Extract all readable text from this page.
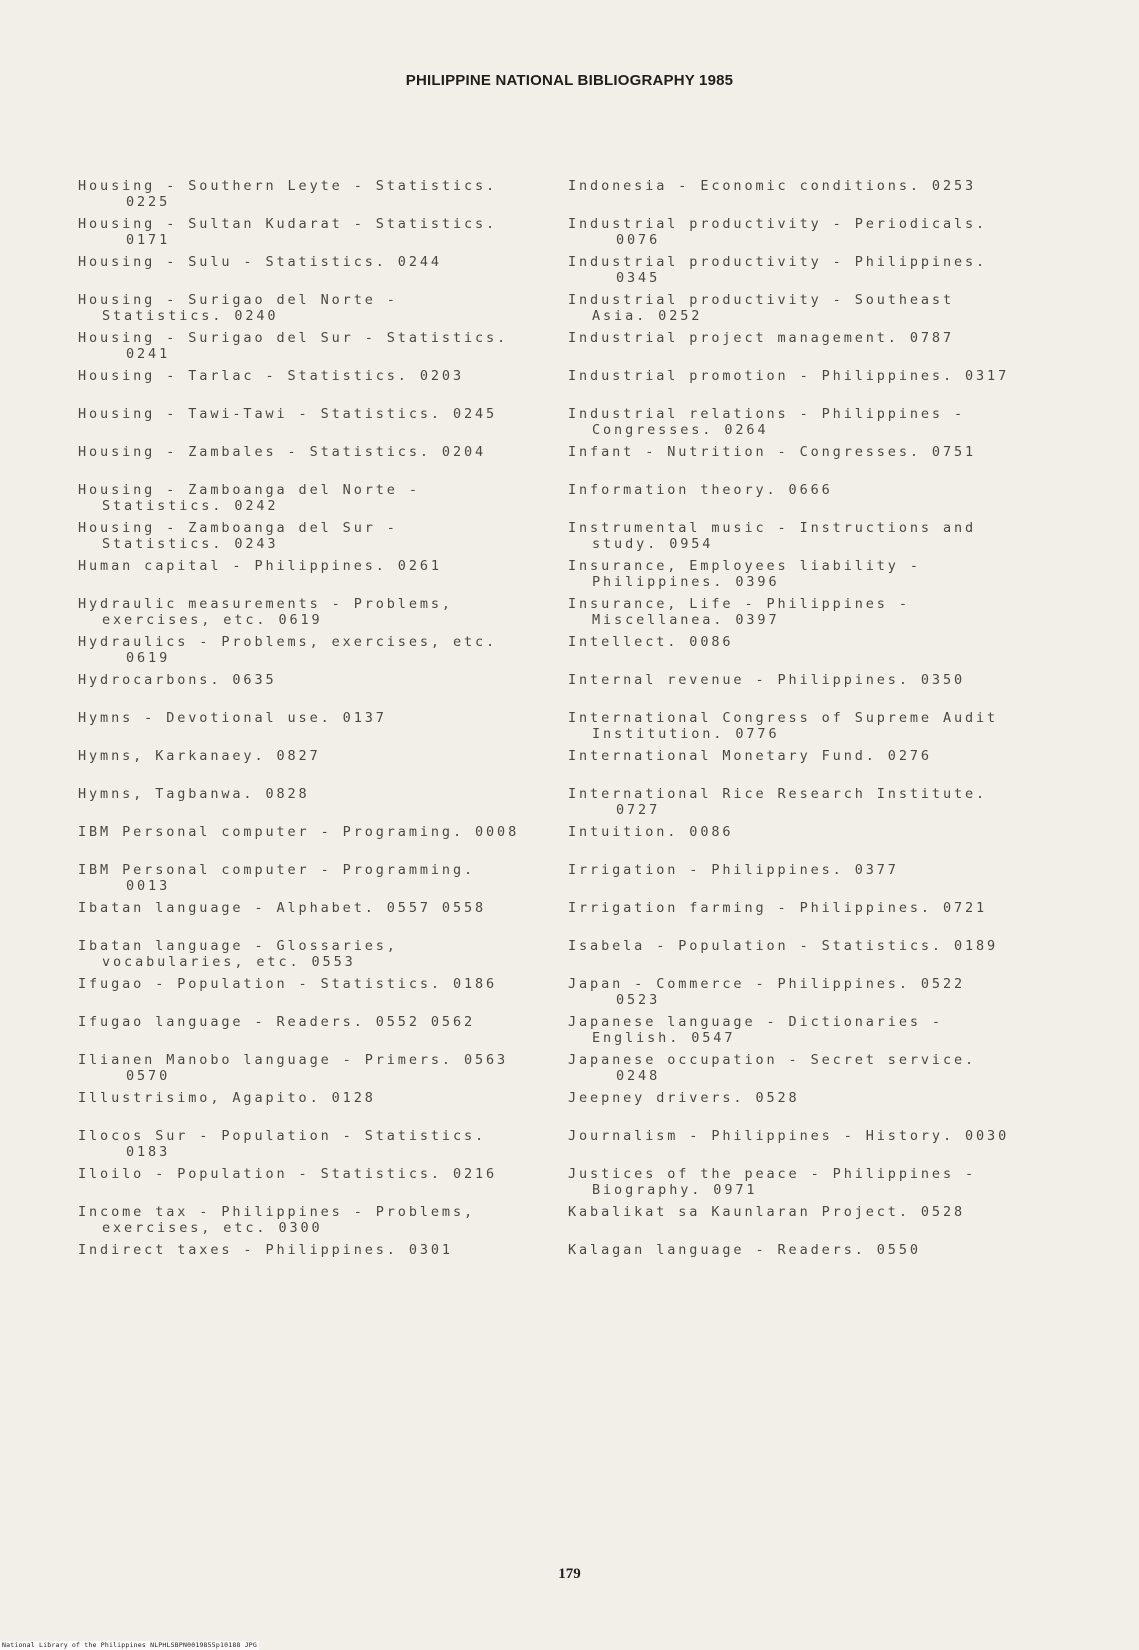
PHILIPPINE NATIONAL BIBLIOGRAPHY 1985
Housing - Southern Leyte - Statistics.
0225
Housing - Sultan Kudarat - Statistics.
0171
Housing - Sulu - Statistics. 0244
Housing - Surigao del Norte -
Statistics. 0240
Housing - Surigao del Sur - Statistics.
0241
Housing - Tarlac - Statistics. 0203
Housing - Tawi-Tawi - Statistics. 0245
Housing - Zambales - Statistics. 0204
Housing - Zamboanga del Norte -
Statistics. 0242
Housing - Zamboanga del Sur -
Statistics. 0243
Human capital - Philippines. 0261
Hydraulic measurements - Problems,
exercises, etc. 0619
Hydraulics - Problems, exercises, etc.
0619
Hydrocarbons. 0635
Hymns - Devotional use. 0137
Hymns, Karkanaey. 0827
Hymns, Tagbanwa. 0828
IBM Personal computer - Programing. 0008
IBM Personal computer - Programming.
0013
Ibatan language - Alphabet. 0557 0558
Ibatan language - Glossaries,
vocabularies, etc. 0553
Ifugao - Population - Statistics. 0186
Ifugao language - Readers. 0552 0562
Ilianen Manobo language - Primers. 0563
0570
Illustrisimo, Agapito. 0128
Ilocos Sur - Population - Statistics.
0183
Iloilo - Population - Statistics. 0216
Income tax - Philippines - Problems,
exercises, etc. 0300
Indirect taxes - Philippines. 0301
Indonesia - Economic conditions. 0253
Industrial productivity - Periodicals.
0076
Industrial productivity - Philippines.
0345
Industrial productivity - Southeast
Asia. 0252
Industrial project management. 0787
Industrial promotion - Philippines. 0317
Industrial relations - Philippines -
Congresses. 0264
Infant - Nutrition - Congresses. 0751
Information theory. 0666
Instrumental music - Instructions and
study. 0954
Insurance, Employees liability -
Philippines. 0396
Insurance, Life - Philippines -
Miscellanea. 0397
Intellect. 0086
Internal revenue - Philippines. 0350
International Congress of Supreme Audit
Institution. 0776
International Monetary Fund. 0276
International Rice Research Institute.
0727
Intuition. 0086
Irrigation - Philippines. 0377
Irrigation farming - Philippines. 0721
Isabela - Population - Statistics. 0189
Japan - Commerce - Philippines. 0522
0523
Japanese language - Dictionaries -
English. 0547
Japanese occupation - Secret service.
0248
Jeepney drivers. 0528
Journalism - Philippines - History. 0030
Justices of the peace - Philippines -
Biography. 0971
Kabalikat sa Kaunlaran Project. 0528
Kalagan language - Readers. 0550
179
National Library of the Philippines NLPHLSBPN0019855p10188 JPG
